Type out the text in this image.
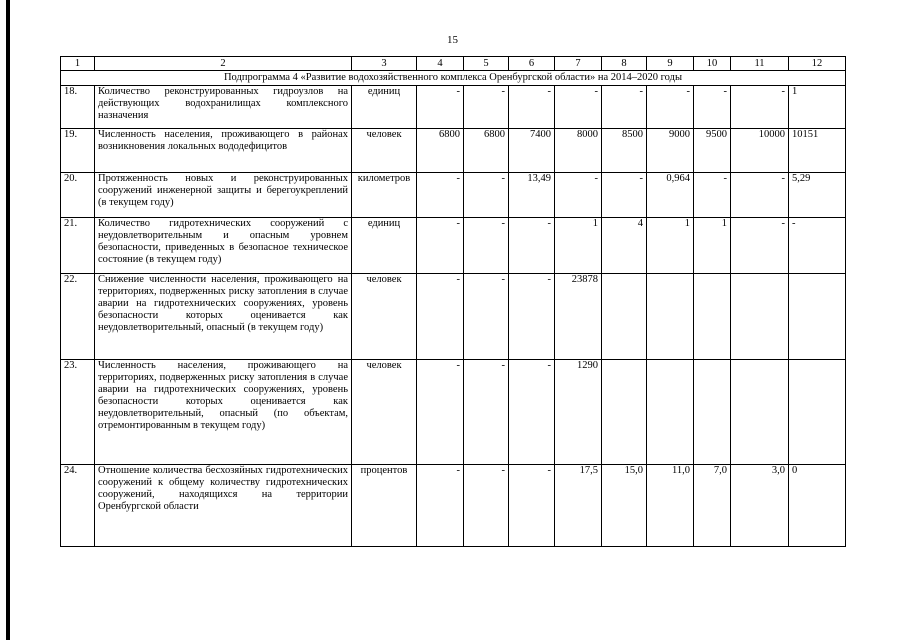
15
1	2	3	4	5	6	7	8	9	10	11	12
Подпрограмма 4 «Развитие водохозяйственного комплекса Оренбургской области» на 2014–2020 годы											
18.	Количество реконструированных гидроузлов на действующих водохранилищах комплексного назначения	единиц	-	-	-	-	-	-	-	-	1
19.	Численность населения, проживающего в районах возникновения локальных вододефицитов	человек	6800	6800	7400	8000	8500	9000	9500	10000	10151
20.	Протяженность новых и реконструированных сооружений инженерной защиты и берегоукреплений (в текущем году)	километров	-	-	13,49	-	-	0,964	-	-	5,29
21.	Количество гидротехнических сооружений с неудовлетворительным и опасным уровнем безопасности, приведенных в безопасное техническое состояние (в текущем году)	единиц	-	-	-	1	4	1	1	-	-
22.	Снижение численности населения, проживающего на территориях, подверженных риску затопления в случае аварии на гидротехнических сооружениях, уровень безопасности которых оценивается как неудовлетворительный, опасный (в текущем году)	человек	-	-	-	23878					
23.	Численность населения, проживающего на территориях, подверженных риску затопления в случае аварии на гидротехнических сооружениях, уровень безопасности которых оценивается как неудовлетворительный, опасный (по объектам, отремонтированным в текущем году)	человек	-	-	-	1290					
24.	Отношение количества бесхозяйных гидротехнических сооружений к общему количеству гидротехнических сооружений, находящихся на территории Оренбургской области	процентов	-	-	-	17,5	15,0	11,0	7,0	3,0	0
